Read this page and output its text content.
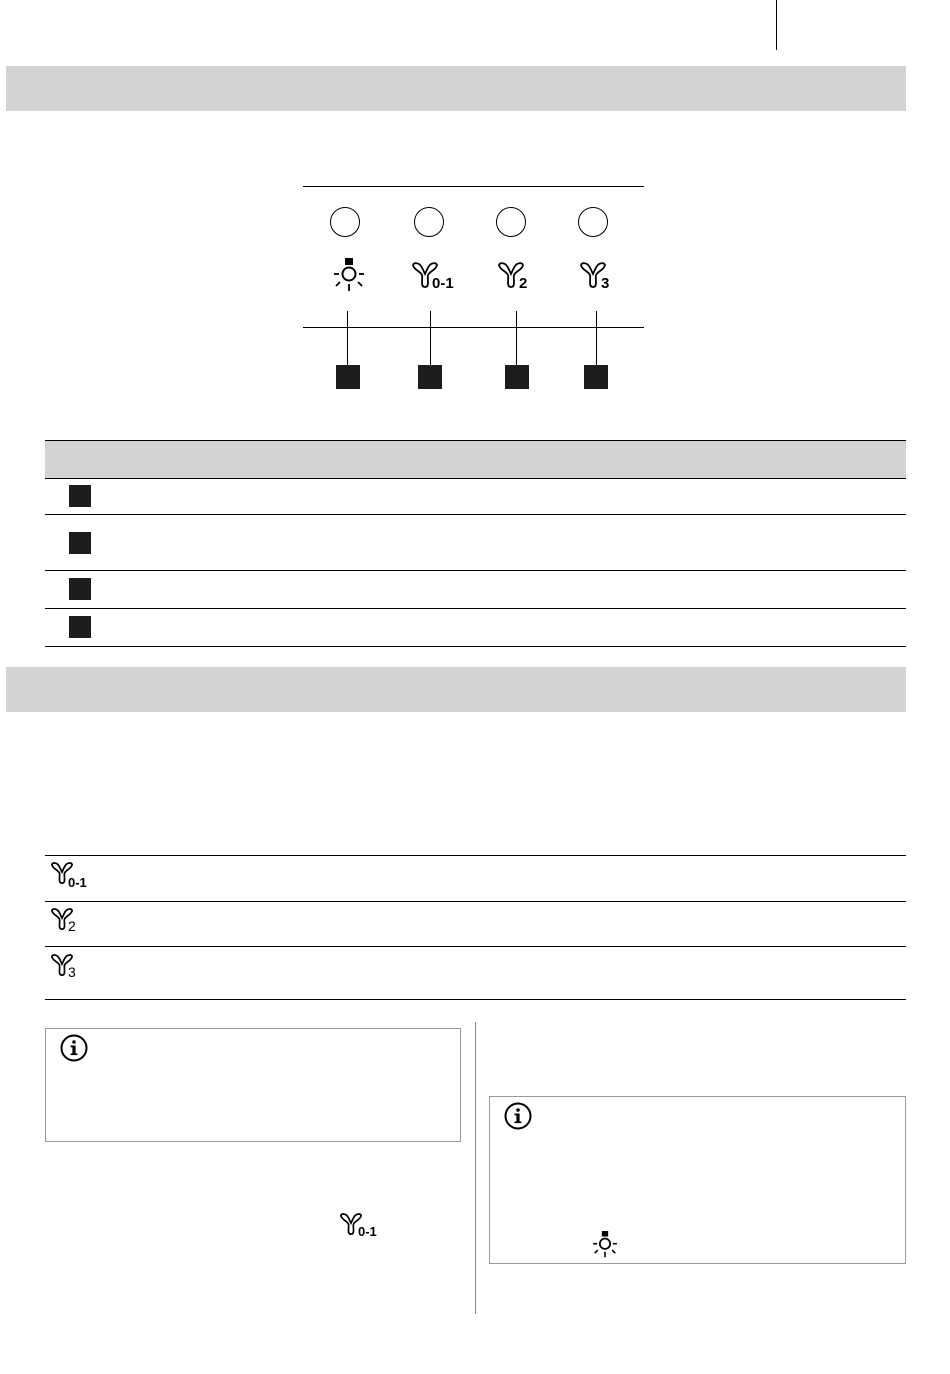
0-1	2	3
0-1
2
3
0-1
